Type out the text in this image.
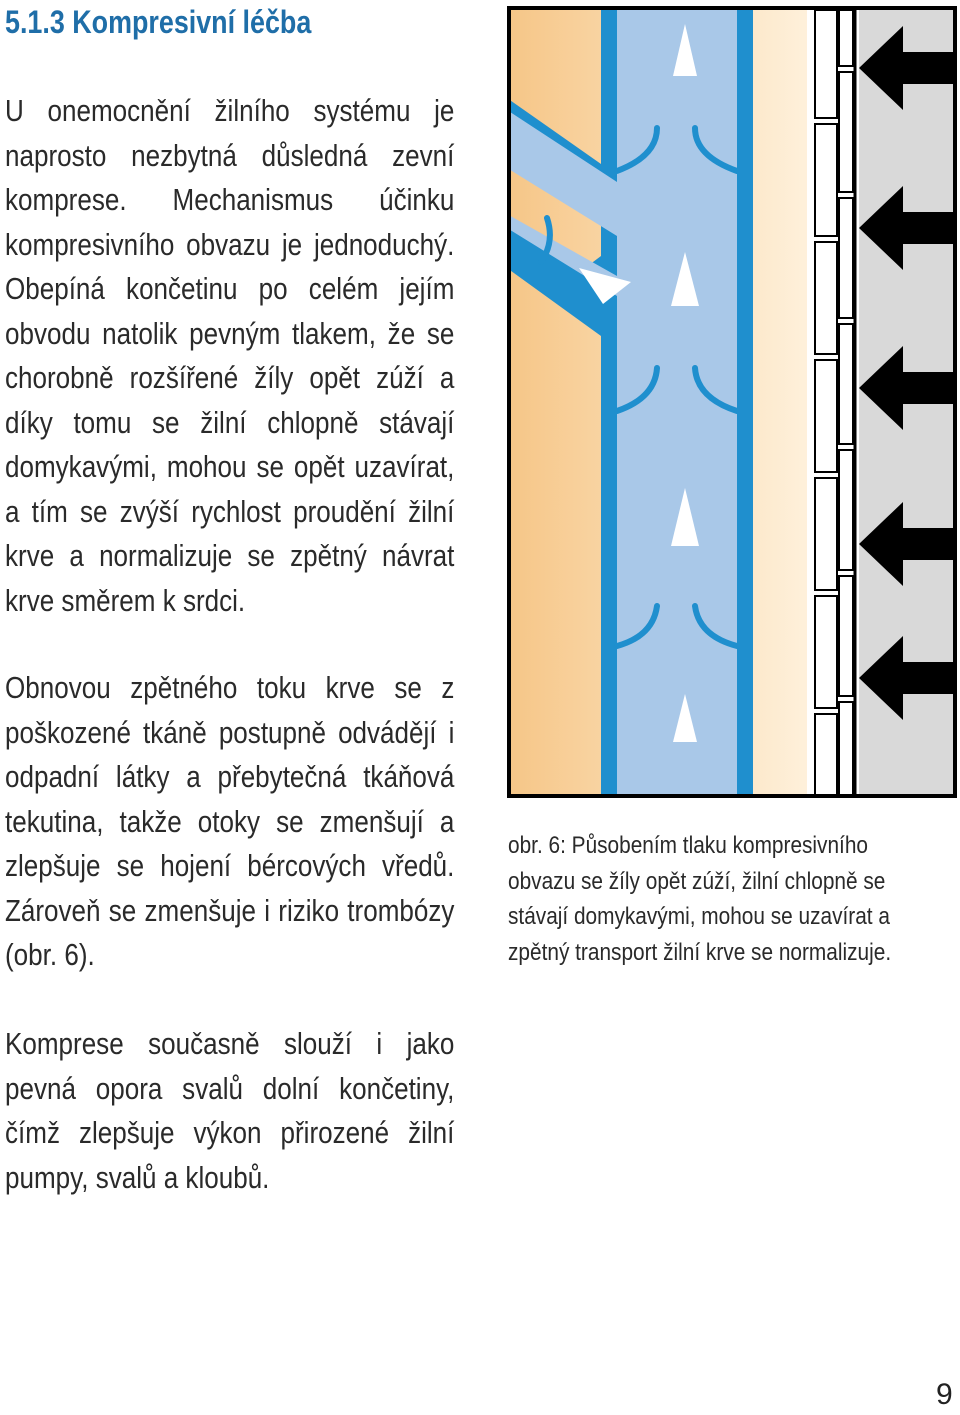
5.1.3 Kompresivní léčba
U onemocnění žilního systému je naprosto nezbytná důsledná zevní komprese. Mechanismus účinku kompresivního obvazu je jednoduchý. Obepíná končetinu po celém jejím obvodu natolik pevným tlakem, že se chorobně rozšířené žíly opět zúží a díky tomu se žilní chlopně stávají domykavými, mohou se opět uzavírat, a tím se zvýší rychlost proudění žilní krve a normalizuje se zpětný návrat krve směrem k srdci.
Obnovou zpětného toku krve se z poškozené tkáně postupně odvádějí i odpadní látky a přebytečná tkáňová tekutina, takže otoky se zmenšují a zlepšuje se hojení bércových vředů. Zároveň se zmenšuje i riziko trombózy (obr. 6).
Komprese současně slouží i jako pevná opora svalů dolní končetiny, čímž zlepšuje výkon přirozené žilní pumpy, svalů a kloubů.
obr. 6: Působením tlaku kompresivního obvazu se žíly opět zúží, žilní chlopně se stávají domykavými, mohou se uzavírat a zpětný transport žilní krve se normalizuje.
9
